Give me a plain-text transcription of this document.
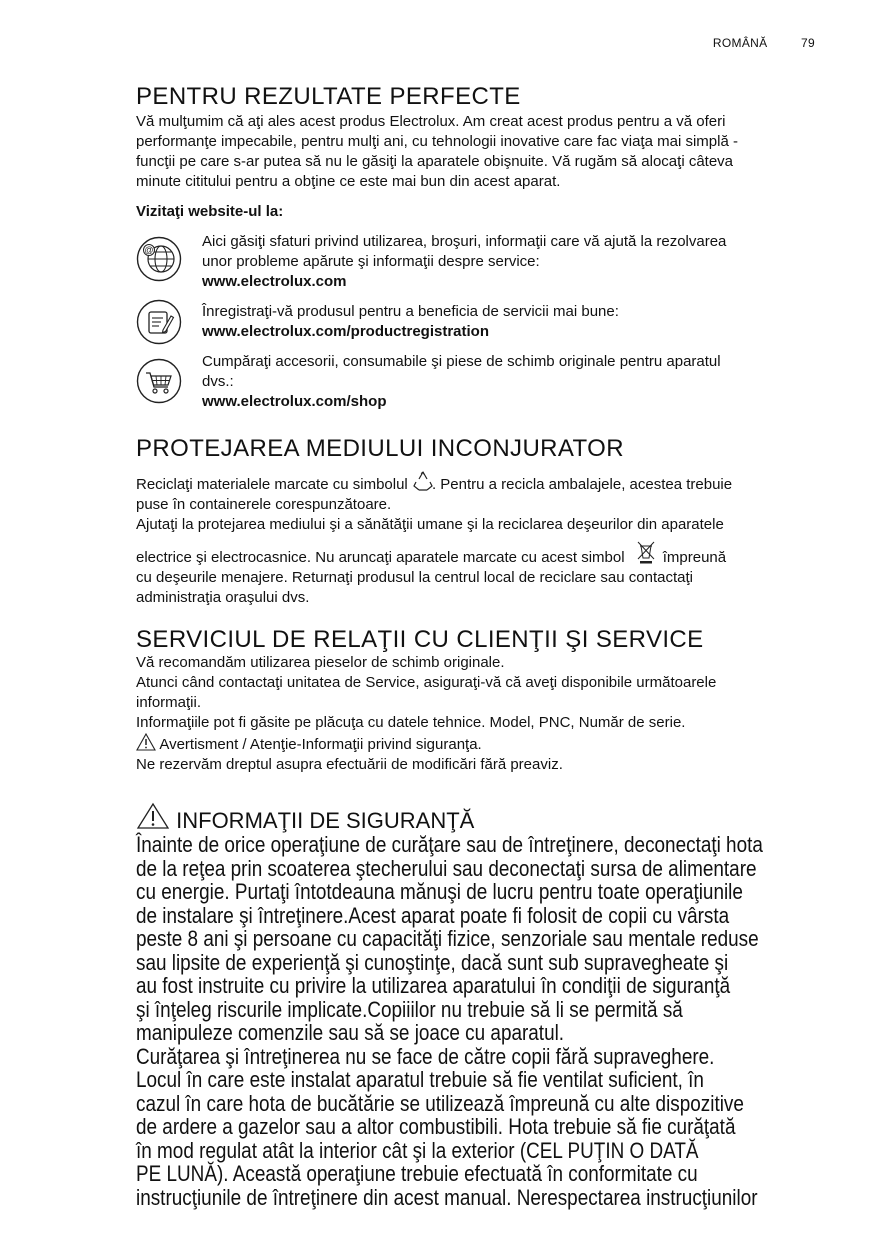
ROMÂNĂ	79
PENTRU REZULTATE PERFECTE

Vă mulţumim că aţi ales acest produs Electrolux. Am creat acest produs pentru a vă oferi

performanţe impecabile, pentru mulţi ani, cu tehnologii inovative care fac viaţa mai simplă -

funcţii pe care s-ar putea să nu le găsiţi la aparatele obişnuite. Vă rugăm să alocaţi câteva

minute cititului pentru a obţine ce este mai bun din acest aparat.

Vizitaţi website-ul la:

@	Aici găsiţi sfaturi privind utilizarea, broşuri, informaţii care vă ajută la rezolvarea
unor probleme apărute şi informaţii despre service:
www.electrolux.com
Înregistraţi-vă produsul pentru a beneficia de servicii mai bune:
www.electrolux.com/productregistration
Cumpăraţi accesorii, consumabile şi piese de schimb originale pentru aparatul
dvs.:
www.electrolux.com/shop
PROTEJAREA MEDIULUI INCONJURATOR

Reciclaţi materialele marcate cu simbolul . Pentru a recicla ambalajele, acestea trebuie

puse în containerele corespunzătoare.

Ajutaţi la protejarea mediului şi a sănătăţii umane şi la reciclarea deşeurilor din aparatele

electrice şi electrocasnice. Nu aruncaţi aparatele marcate cu acest simbol	împreună

cu deşeurile menajere. Returnaţi produsul la centrul local de reciclare sau contactaţi

administraţia oraşului dvs.

SERVICIUL DE RELAŢII CU CLIENŢII ŞI SERVICE

Vă recomandăm utilizarea pieselor de schimb originale.

Atunci când contactaţi unitatea de Service, asiguraţi-vă că aveţi disponibile următoarele

informaţii.

Informaţiile pot fi găsite pe plăcuţa cu datele tehnice. Model, PNC, Număr de serie.

Avertisment / Atenţie-Informaţii privind siguranţa.

Ne rezervăm dreptul asupra efectuării de modificări fără preaviz.

INFORMAŢII DE SIGURANŢĂ
Înainte de orice operaţiune de curăţare sau de întreţinere, deconectaţi hota
de la reţea prin scoaterea ştecherului sau deconectaţi sursa de alimentare
cu energie. Purtaţi întotdeauna mănuşi de lucru pentru toate operaţiunile
de instalare şi întreţinere.Acest aparat poate fi folosit de copii cu vârsta
peste 8 ani şi persoane cu capacităţi fizice, senzoriale sau mentale reduse
sau lipsite de experienţă şi cunoştinţe, dacă sunt sub supravegheate şi
au fost instruite cu privire la utilizarea aparatului în condiţii de siguranţă
şi înţeleg riscurile implicate.Copiiilor nu trebuie să li se permită să
manipuleze comenzile sau să se joace cu aparatul.
Curăţarea şi întreţinerea nu se face de către copii fără supraveghere.
Locul în care este instalat aparatul trebuie să fie ventilat suficient, în
cazul în care hota de bucătărie se utilizează împreună cu alte dispozitive
de ardere a gazelor sau a altor combustibili. Hota trebuie să fie curăţată
în mod regulat atât la interior cât şi la exterior (CEL PUŢIN O DATĂ
PE LUNĂ). Această operaţiune trebuie efectuată în conformitate cu
instrucţiunile de întreţinere din acest manual. Nerespectarea instrucţiunilor
